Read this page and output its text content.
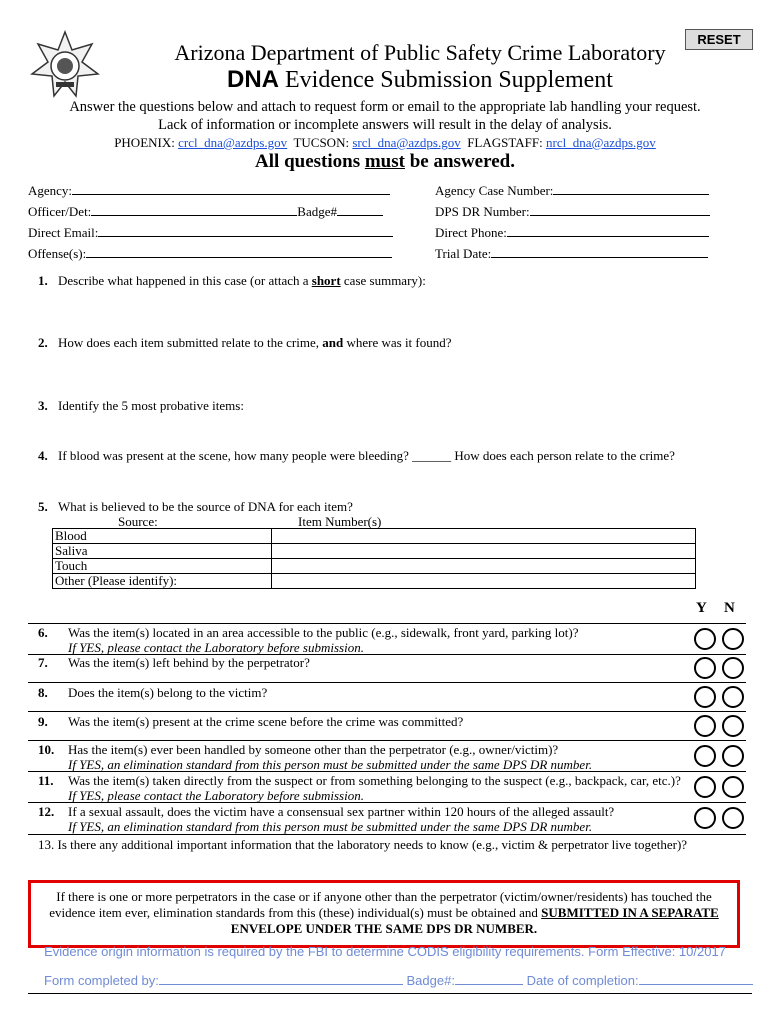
RESET
Arizona Department of Public Safety Crime Laboratory
DNA Evidence Submission Supplement
Answer the questions below and attach to request form or email to the appropriate lab handling your request.
Lack of information or incomplete answers will result in the delay of analysis.
PHOENIX: crcl_dna@azdps.gov TUCSON: srcl_dna@azdps.gov FLAGSTAFF: nrcl_dna@azdps.gov
All questions must be answered.
Agency:
Officer/Det:	Badge#
Direct Email:
Offense(s):
Agency Case Number:
DPS DR Number:
Direct Phone:
Trial Date:
1. Describe what happened in this case (or attach a short case summary):
2. How does each item submitted relate to the crime, and where was it found?
3. Identify the 5 most probative items:
4. If blood was present at the scene, how many people were bleeding? ______ How does each person relate to the crime?
5. What is believed to be the source of DNA for each item?
Source:	Item Number(s)
Blood	
Saliva	
Touch	
Other (Please identify):	
Y N
6. Was the item(s) located in an area accessible to the public (e.g., sidewalk, front yard, parking lot)?
If YES, please contact the Laboratory before submission.
7. Was the item(s) left behind by the perpetrator?
8. Does the item(s) belong to the victim?
9. Was the item(s) present at the crime scene before the crime was committed?
10. Has the item(s) ever been handled by someone other than the perpetrator (e.g., owner/victim)?
If YES, an elimination standard from this person must be submitted under the same DPS DR number.
11. Was the item(s) taken directly from the suspect or from something belonging to the suspect (e.g., backpack, car, etc.)?
If YES, please contact the Laboratory before submission.
12. If a sexual assault, does the victim have a consensual sex partner within 120 hours of the alleged assault?
If YES, an elimination standard from this person must be submitted under the same DPS DR number.
13. Is there any additional important information that the laboratory needs to know (e.g., victim & perpetrator live together)?
If there is one or more perpetrators in the case or if anyone other than the perpetrator (victim/owner/residents) has touched the
evidence item ever, elimination standards from this (these) individual(s) must be obtained and SUBMITTED IN A SEPARATE
ENVELOPE UNDER THE SAME DPS DR NUMBER.
Evidence origin information is required by the FBI to determine CODIS eligibility requirements. Form Effective: 10/2017
Form completed by:	Badge#:	Date of completion:
